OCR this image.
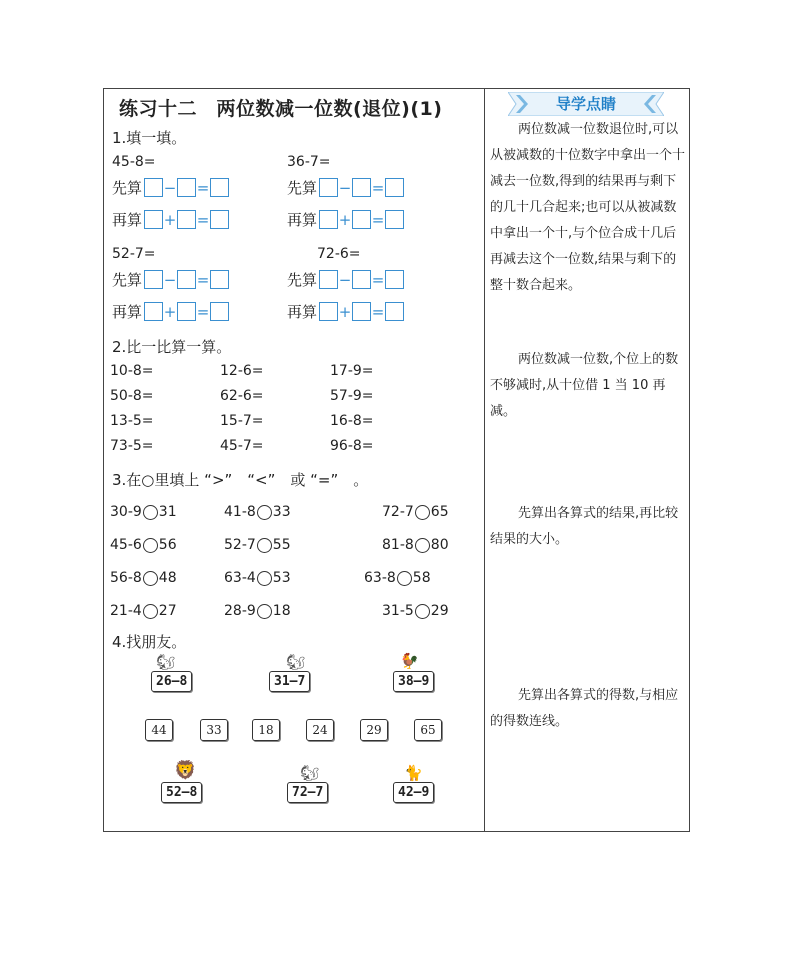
练习十二　两位数减一位数(退位)(1)
1.填一填。
45-8=
先算 − =
再算 + =
36-7=
先算 − =
再算 + =
52-7=
先算 − =
再算 + =
72-6=
先算 − =
再算 + =
2.比一比算一算。
10-8=	12-6=	17-9=
50-8=	62-6=	57-9=
13-5=	15-7=	16-8=
73-5=	45-7=	96-8=
3.在○里填上 “>”　“<”　或 “=”　。
30-9 31	41-8 33	72-7 65
45-6 56	52-7 55	81-8 80
56-8 48	63-4 53	63-8 58
21-4 27	28-9 18	31-5 29
4.找朋友。
🐿	🐿	🐓
26—8	31—7	38—9
44	33	18	24	29	65
🦁	🐿	🐈
52—8	72—7	42—9
导学点睛

两位数减一位数退位时,可以从被减数的十位数字中拿出一个十减去一位数,得到的结果再与剩下的几十几合起来;也可以从被减数中拿出一个十,与个位合成十几后再减去这个一位数,结果与剩下的整十数合起来。

两位数减一位数,个位上的数不够减时,从十位借 1 当 10 再减。

先算出各算式的结果,再比较结果的大小。

先算出各算式的得数,与相应的得数连线。
